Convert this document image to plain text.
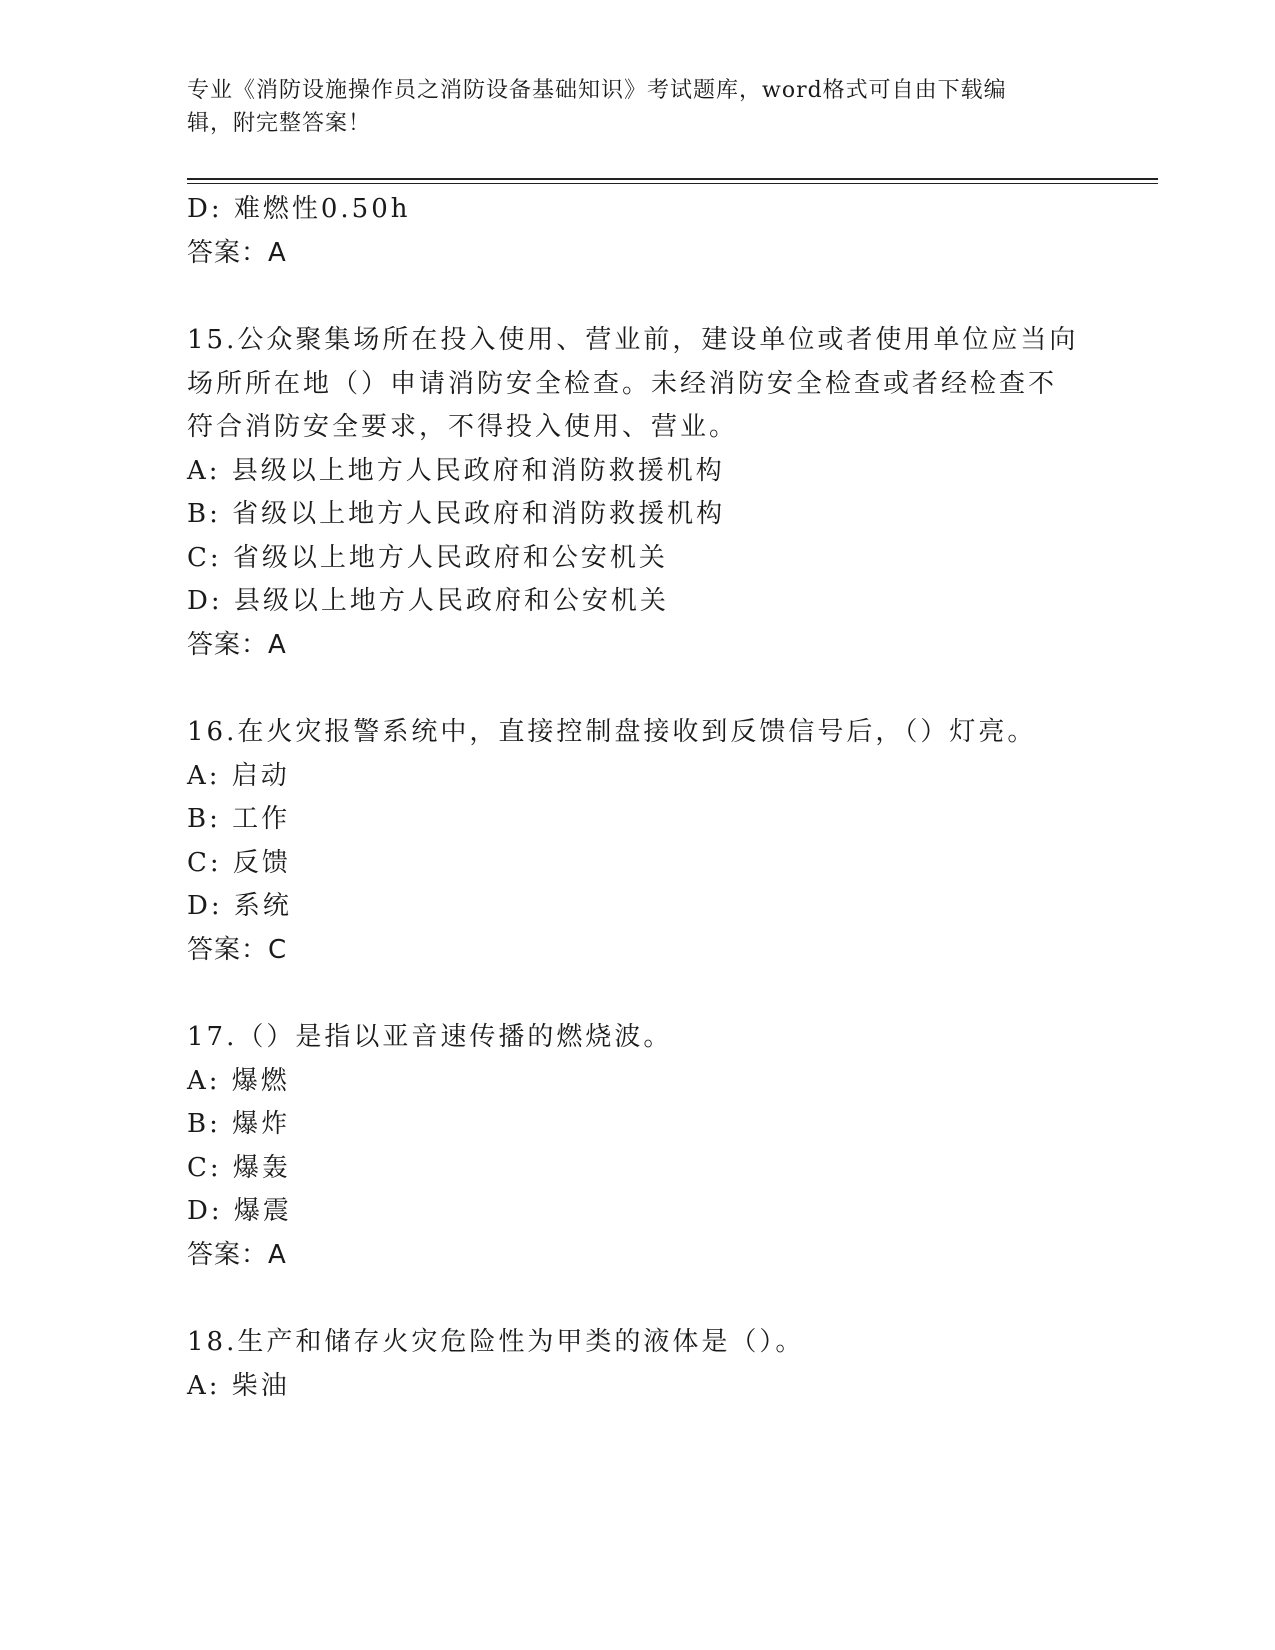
专业《消防设施操作员之消防设备基础知识》考试题库，word格式可自由下载编
辑，附完整答案！
D: 难燃性0.50h
答案：A
15.公众聚集场所在投入使用、营业前，建设单位或者使用单位应当向
场所所在地（）申请消防安全检查。未经消防安全检查或者经检查不
符合消防安全要求，不得投入使用、营业。
A: 县级以上地方人民政府和消防救援机构
B: 省级以上地方人民政府和消防救援机构
C: 省级以上地方人民政府和公安机关
D: 县级以上地方人民政府和公安机关
答案：A
16.在火灾报警系统中，直接控制盘接收到反馈信号后，（）灯亮。
A: 启动
B: 工作
C: 反馈
D: 系统
答案：C
17.（）是指以亚音速传播的燃烧波。
A: 爆燃
B: 爆炸
C: 爆轰
D: 爆震
答案：A
18.生产和储存火灾危险性为甲类的液体是（）。
A: 柴油
